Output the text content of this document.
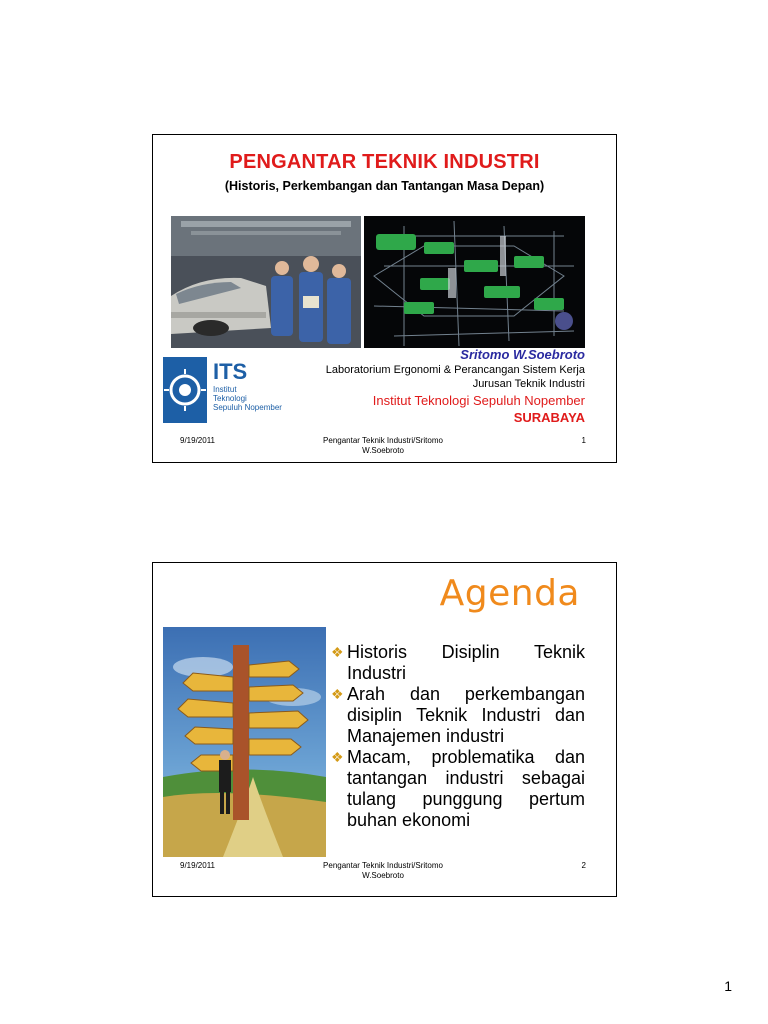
PENGANTAR TEKNIK INDUSTRI
(Historis, Perkembangan dan Tantangan Masa Depan)
ITS
Institut
Teknologi
Sepuluh Nopember
Sritomo W.Soebroto
Laboratorium Ergonomi & Perancangan Sistem Kerja
Jurusan Teknik Industri
Institut Teknologi Sepuluh Nopember
SURABAYA
9/19/2011	Pengantar Teknik Industri/Sritomo
W.Soebroto
1
Agenda
❖ Historis Disiplin Teknik Industri
❖ Arah dan perkembangan disiplin Teknik Industri dan Manajemen industri
❖ Macam, problematika dan tantangan industri sebagai tulang punggung pertum buhan ekonomi
9/19/2011	Pengantar Teknik Industri/Sritomo
W.Soebroto
2
1
